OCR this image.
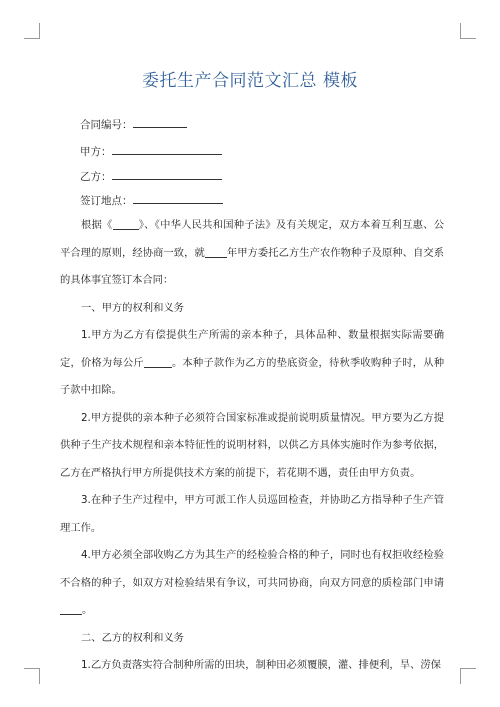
委托生产合同范文汇总 模板
合同编号：
甲方：
乙方：
签订地点：

根据《	》、《中华人民共和国种子法》及有关规定，双方本着互利互惠、公平合理的原则，经协商一致，就 年甲方委托乙方生产农作物种子及原种、自交系的具体事宜签订本合同：

一、甲方的权利和义务

1.甲方为乙方有偿提供生产所需的亲本种子，具体品种、数量根据实际需要确定，价格为每公斤	。本种子款作为乙方的垫底资金，待秋季收购种子时，从种子款中扣除。

2.甲方提供的亲本种子必须符合国家标准或提前说明质量情况。甲方要为乙方提供种子生产技术规程和亲本特征性的说明材料，以供乙方具体实施时作为参考依据，乙方在严格执行甲方所提供技术方案的前提下，若花期不遇，责任由甲方负责。

3.在种子生产过程中，甲方可派工作人员巡回检查，并协助乙方指导种子生产管理工作。

4.甲方必须全部收购乙方为其生产的经检验合格的种子，同时也有权拒收经检验不合格的种子，如双方对检验结果有争议，可共同协商，向双方同意的质检部门申请。

二、乙方的权利和义务

1.乙方负责落实符合制种所需的田块，制种田必须覆膜，灌、排便利，旱、涝保
